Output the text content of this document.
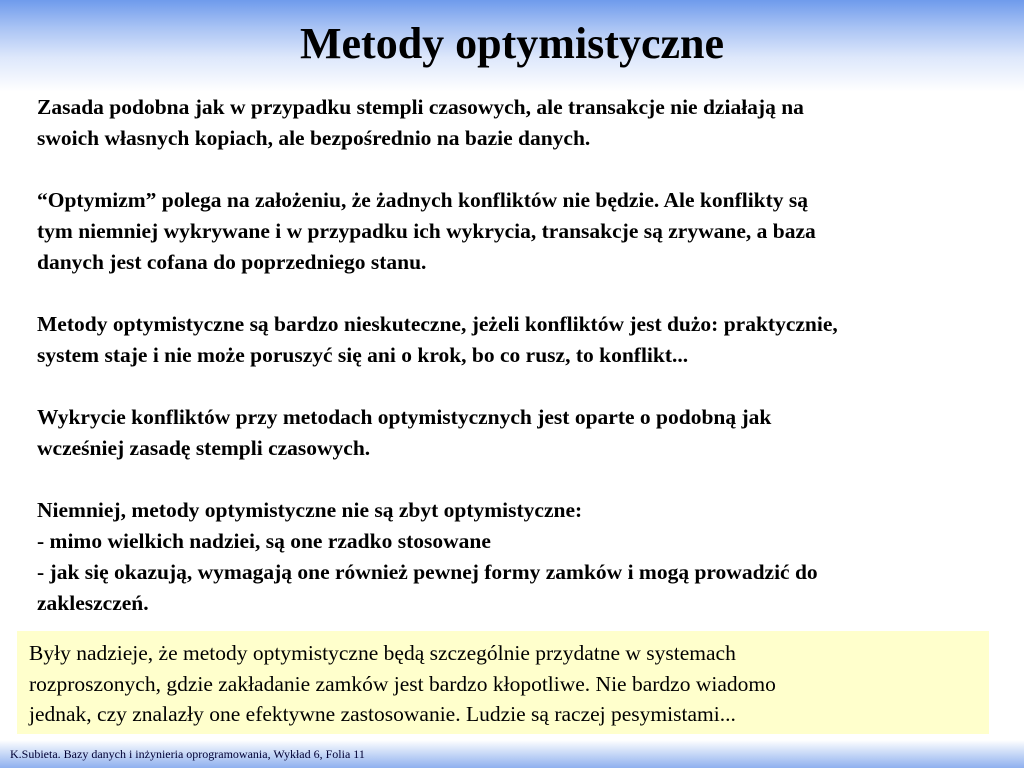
Metody optymistyczne

Zasada podobna jak w przypadku stempli czasowych, ale transakcje nie działają na
swoich własnych kopiach, ale bezpośrednio na bazie danych.

“Optymizm” polega na założeniu, że żadnych konfliktów nie będzie. Ale konflikty są
tym niemniej wykrywane i w przypadku ich wykrycia, transakcje są zrywane, a baza
danych jest cofana do poprzedniego stanu.

Metody optymistyczne są bardzo nieskuteczne, jeżeli konfliktów jest dużo: praktycznie,
system staje i nie może poruszyć się ani o krok, bo co rusz, to konflikt...

Wykrycie konfliktów przy metodach optymistycznych jest oparte o podobną jak
wcześniej zasadę stempli czasowych.

Niemniej, metody optymistyczne nie są zbyt optymistyczne:
- mimo wielkich nadziei, są one rzadko stosowane
- jak się okazują, wymagają one również pewnej formy zamków i mogą prowadzić do
zakleszczeń.

Były nadzieje, że metody optymistyczne będą szczególnie przydatne w systemach
rozproszonych, gdzie zakładanie zamków jest bardzo kłopotliwe. Nie bardzo wiadomo
jednak, czy znalazły one efektywne zastosowanie. Ludzie są raczej pesymistami...
K.Subieta. Bazy danych i inżynieria oprogramowania, Wykład 6, Folia 11
